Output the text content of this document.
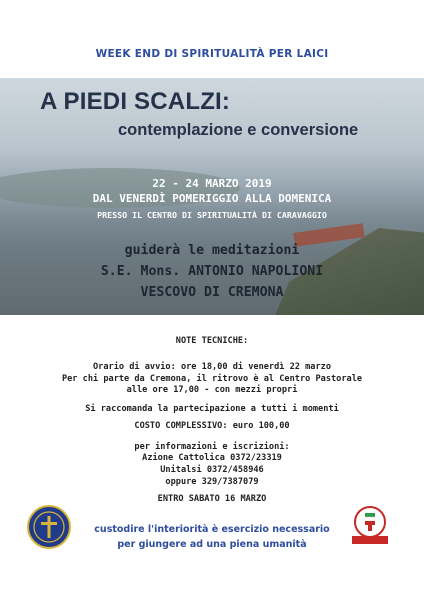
WEEK END DI SPIRITUALITÀ PER LAICI
A PIEDI SCALZI:
contemplazione e conversione
22 - 24 MARZO 2019
DAL VENERDÌ POMERIGGIO ALLA DOMENICA
PRESSO IL CENTRO DI SPIRITUALITÀ DI CARAVAGGIO
guiderà le meditazioni
S.E. Mons. ANTONIO NAPOLIONI
VESCOVO DI CREMONA
NOTE TECNICHE:
Orario di avvio: ore 18,00 di venerdì 22 marzo
Per chi parte da Cremona, il ritrovo è al Centro Pastorale
alle ore 17,00 - con mezzi propri
Si raccomanda la partecipazione a tutti i momenti
COSTO COMPLESSIVO: euro 100,00
per informazioni e iscrizioni:
Azione Cattolica 0372/23319
Unitalsi 0372/458946
oppure 329/7387079
ENTRO SABATO 16 MARZO
custodire l'interiorità è esercizio necessario
per giungere ad una piena umanità
